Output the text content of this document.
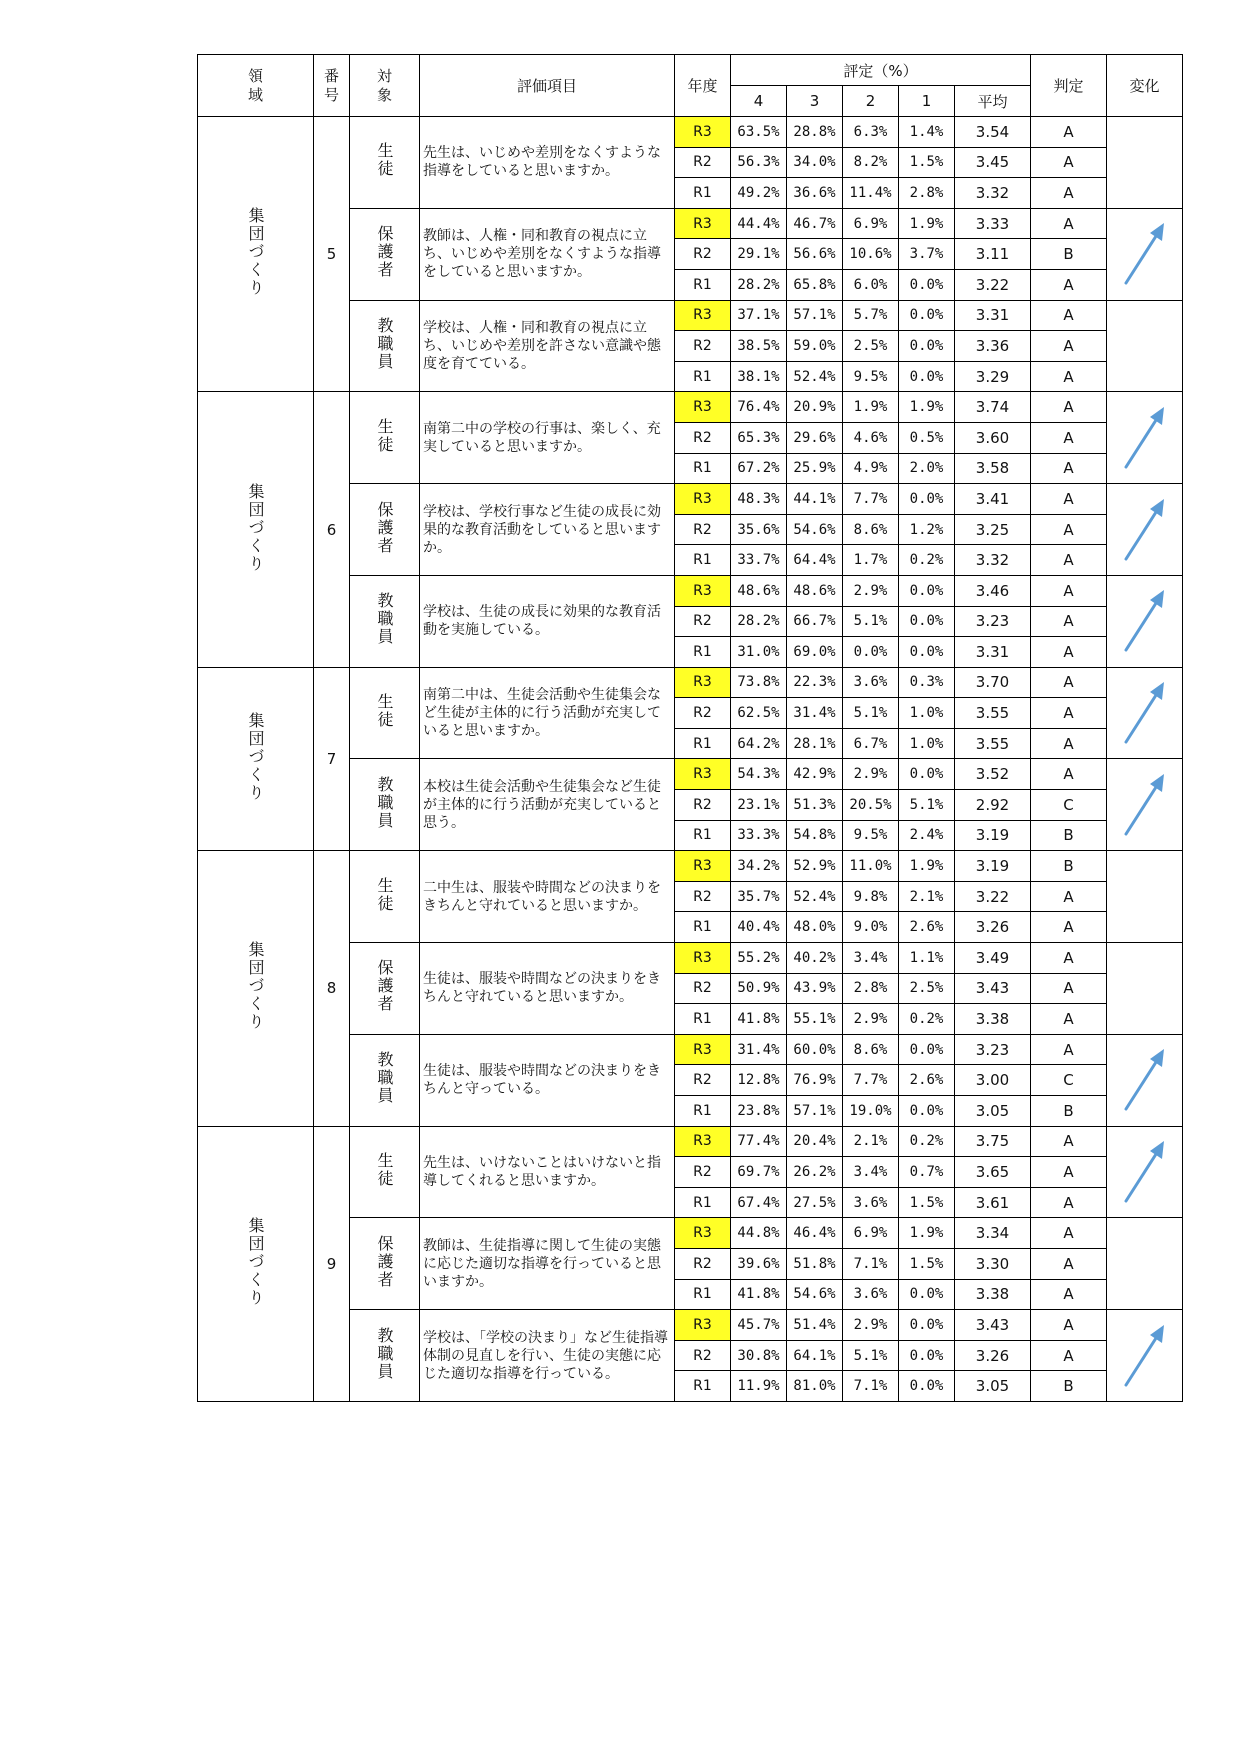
領域	番号	対象	評価項目	年度	評定（%）					判定	変化
					4	3	2	1	平均		
集団づくり	5	生徒	先生は、いじめや差別をなくすような指導をしていると思いますか。	R3	63.5%	28.8%	6.3%	1.4%	3.54	A	
				R2	56.3%	34.0%	8.2%	1.5%	3.45	A	
				R1	49.2%	36.6%	11.4%	2.8%	3.32	A	
		保護者	教師は、人権・同和教育の視点に立ち、いじめや差別をなくすような指導をしていると思いますか。	R3	44.4%	46.7%	6.9%	1.9%	3.33	A	

				R2	29.1%	56.6%	10.6%	3.7%	3.11	B	
				R1	28.2%	65.8%	6.0%	0.0%	3.22	A	
		教職員	学校は、人権・同和教育の視点に立ち、いじめや差別を許さない意識や態度を育てている。	R3	37.1%	57.1%	5.7%	0.0%	3.31	A	
				R2	38.5%	59.0%	2.5%	0.0%	3.36	A	
				R1	38.1%	52.4%	9.5%	0.0%	3.29	A	
集団づくり	6	生徒	南第二中の学校の行事は、楽しく、充実していると思いますか。	R3	76.4%	20.9%	1.9%	1.9%	3.74	A	

				R2	65.3%	29.6%	4.6%	0.5%	3.60	A	
				R1	67.2%	25.9%	4.9%	2.0%	3.58	A	
		保護者	学校は、学校行事など生徒の成長に効果的な教育活動をしていると思いますか。	R3	48.3%	44.1%	7.7%	0.0%	3.41	A	

				R2	35.6%	54.6%	8.6%	1.2%	3.25	A	
				R1	33.7%	64.4%	1.7%	0.2%	3.32	A	
		教職員	学校は、生徒の成長に効果的な教育活動を実施している。	R3	48.6%	48.6%	2.9%	0.0%	3.46	A	

				R2	28.2%	66.7%	5.1%	0.0%	3.23	A	
				R1	31.0%	69.0%	0.0%	0.0%	3.31	A	
集団づくり	7	生徒	南第二中は、生徒会活動や生徒集会など生徒が主体的に行う活動が充実していると思いますか。	R3	73.8%	22.3%	3.6%	0.3%	3.70	A	

				R2	62.5%	31.4%	5.1%	1.0%	3.55	A	
				R1	64.2%	28.1%	6.7%	1.0%	3.55	A	
		教職員	本校は生徒会活動や生徒集会など生徒が主体的に行う活動が充実していると思う。	R3	54.3%	42.9%	2.9%	0.0%	3.52	A	

				R2	23.1%	51.3%	20.5%	5.1%	2.92	C	
				R1	33.3%	54.8%	9.5%	2.4%	3.19	B	
集団づくり	8	生徒	二中生は、服装や時間などの決まりをきちんと守れていると思いますか。	R3	34.2%	52.9%	11.0%	1.9%	3.19	B	
				R2	35.7%	52.4%	9.8%	2.1%	3.22	A	
				R1	40.4%	48.0%	9.0%	2.6%	3.26	A	
		保護者	生徒は、服装や時間などの決まりをきちんと守れていると思いますか。	R3	55.2%	40.2%	3.4%	1.1%	3.49	A	
				R2	50.9%	43.9%	2.8%	2.5%	3.43	A	
				R1	41.8%	55.1%	2.9%	0.2%	3.38	A	
		教職員	生徒は、服装や時間などの決まりをきちんと守っている。	R3	31.4%	60.0%	8.6%	0.0%	3.23	A	

				R2	12.8%	76.9%	7.7%	2.6%	3.00	C	
				R1	23.8%	57.1%	19.0%	0.0%	3.05	B	
集団づくり	9	生徒	先生は、いけないことはいけないと指導してくれると思いますか。	R3	77.4%	20.4%	2.1%	0.2%	3.75	A	

				R2	69.7%	26.2%	3.4%	0.7%	3.65	A	
				R1	67.4%	27.5%	3.6%	1.5%	3.61	A	
		保護者	教師は、生徒指導に関して生徒の実態に応じた適切な指導を行っていると思いますか。	R3	44.8%	46.4%	6.9%	1.9%	3.34	A	
				R2	39.6%	51.8%	7.1%	1.5%	3.30	A	
				R1	41.8%	54.6%	3.6%	0.0%	3.38	A	
		教職員	学校は、「学校の決まり」など生徒指導体制の見直しを行い、生徒の実態に応じた適切な指導を行っている。	R3	45.7%	51.4%	2.9%	0.0%	3.43	A	

				R2	30.8%	64.1%	5.1%	0.0%	3.26	A	
				R1	11.9%	81.0%	7.1%	0.0%	3.05	B	
